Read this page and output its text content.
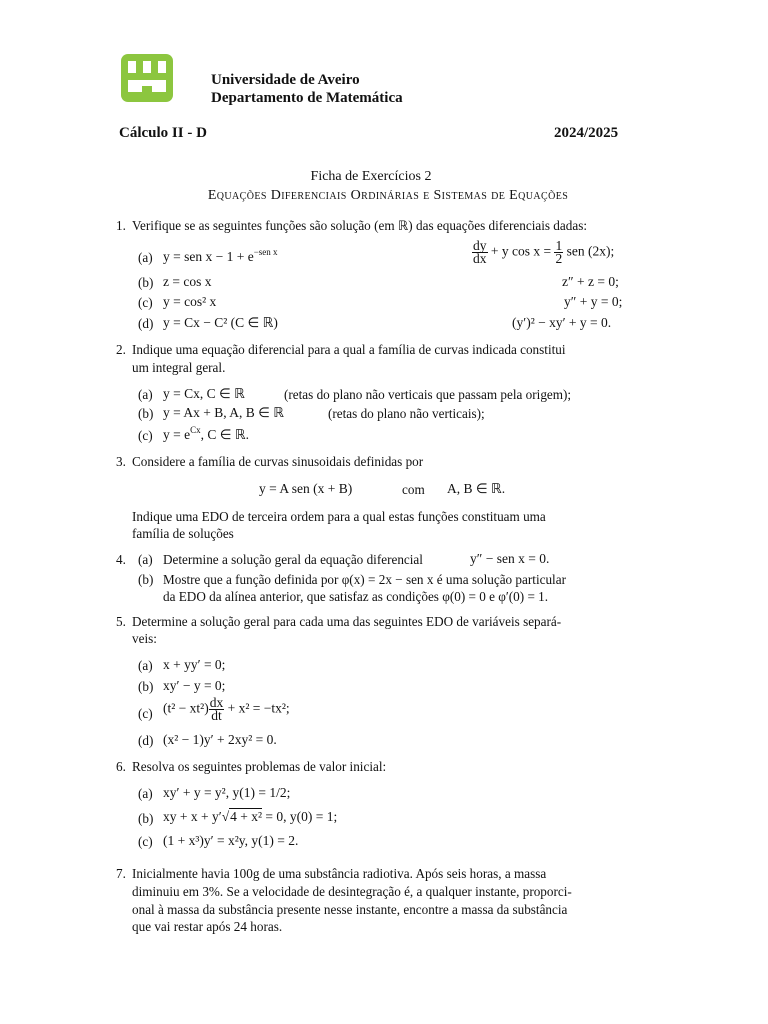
Universidade de Aveiro
Departamento de Matemática
Cálculo II - D	2024/2025
Ficha de Exercícios 2
Equações Diferenciais Ordinárias e Sistemas de Equações
1. Verifique se as seguintes funções são solução (em ℝ) das equações diferenciais dadas:
(a) y = sen $x - 1 + e^{-sen x}$	$\frac{dy}{dx} + y$ $\cos x = \frac{1}{2}$ sen (2x);
(b) z = cos x	z″ + z = 0;
(c) y = cos² x	y″ + y = 0;
(d) y = Cx − C² (C ∈ ℝ)	(y′)² − xy′ + y = 0.
2. Indique uma equação diferencial para a qual a família de curvas indicada constitui
um integral geral.
(a) y = Cx, C ∈ ℝ	(retas do plano não verticais que passam pela origem);
(b) y = Ax + B, A, B ∈ ℝ	(retas do plano não verticais);
(c) $y = e^{Cx}$, C ∈ ℝ.
3. Considere a família de curvas sinusoidais definidas por
y = A sen (x + B)	com A, B ∈ ℝ.
Indique uma EDO de terceira ordem para a qual estas funções constituam uma
família de soluções
4. (a) Determine a solução geral da equação diferencial	y″ − sen x = 0.
(b) Mostre que a função definida por φ(x) = 2x − sen x é uma solução particular
da EDO da alínea anterior, que satisfaz as condições φ(0) = 0 e φ′(0) = 1.
5. Determine a solução geral para cada uma das seguintes EDO de variáveis separá-
veis:
(a) x + yy′ = 0;
(b) xy′ − y = 0;
(c) $(t^2 - xt^2) \frac{dx}{dt} + x^2 = -tx^2$;
(d) (x² − 1)y′ + 2xy² = 0.
6. Resolva os seguintes problemas de valor inicial:
(a) xy′ + y = y², y(1) = 1/2;
(b) xy + x + y′√4 + x² = 0, y(0) = 1;
(c) (1 + x³)y′ = x²y, y(1) = 2.
7. Inicialmente havia 100g de uma substância radiotiva. Após seis horas, a massa
diminuiu em 3%. Se a velocidade de desintegração é, a qualquer instante, proporci-
onal à massa da substância presente nesse instante, encontre a massa da substância
que vai restar após 24 horas.
